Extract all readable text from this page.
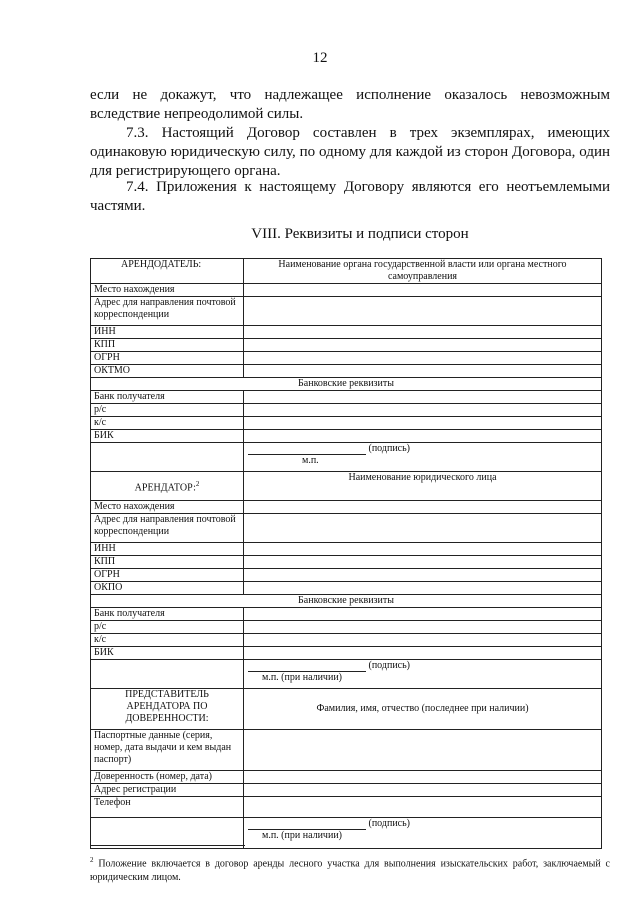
12
если не докажут, что надлежащее исполнение оказалось невозможным вследствие непреодолимой силы.
7.3. Настоящий Договор составлен в трех экземплярах, имеющих одинаковую юридическую силу, по одному для каждой из сторон Договора, один для регистрирующего органа.
7.4. Приложения к настоящему Договору являются его неотъемлемыми частями.
VIII. Реквизиты и подписи сторон
АРЕНДОДАТЕЛЬ:	Наименование органа государственной власти или органа местного самоуправления
Место нахождения	
Адрес для направления почтовой корреспонденции	
ИНН	
КПП	
ОГРН	
ОКТМО	
Банковские реквизиты	
Банк получателя	
р/с	
к/с	
БИК	
	(подпись)
м.п.
АРЕНДАТОР:$^2$	Наименование юридического лица
Место нахождения	
Адрес для направления почтовой корреспонденции	
ИНН	
КПП	
ОГРН	
ОКПО	
Банковские реквизиты	
Банк получателя	
р/с	
к/с	
БИК	
	(подпись)
м.п. (при наличии)
ПРЕДСТАВИТЕЛЬ АРЕНДАТОРА ПО ДОВЕРЕННОСТИ:	Фамилия, имя, отчество (последнее при наличии)
Паспортные данные (серия, номер, дата выдачи и кем выдан паспорт)	
Доверенность (номер, дата)	
Адрес регистрации	
Телефон	
	(подпись)
м.п. (при наличии)
$^2$ Положение включается в договор аренды лесного участка для выполнения изыскательских работ, заключаемый с юридическим лицом.
